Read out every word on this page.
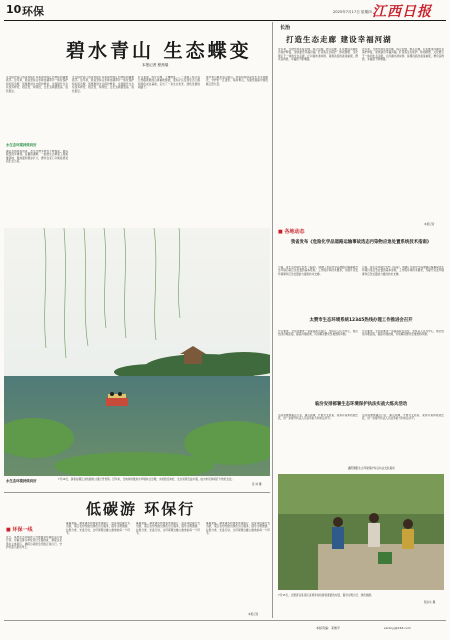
10 环保	2025年7月17日 星期四 江西日报
碧水青山 生态蝶变
本报记者 程茜瑞
生态保护是江西省持续打造美丽中国江西样板的重要抓手。近年来，我省坚持山水林田湖草沙一体化保护和系统治理，统筹推进生态保护修复，全面提升生态系统多样性、稳定性、持续性，让生态颜值更高、成色更足。
水生态环境持续向好
湖区水质明显改善，水生生物多样性不断恢复，候鸟数量逐年增加。在鄱阳湖畔，一批批生态修复工程相继落地，湿地面积稳步扩大，群众在家门口就能感受到生态之美。
生态保护是江西省持续打造美丽中国江西样板的重要抓手。近年来，我省坚持山水林田湖草沙一体化保护和系统治理，统筹推进生态保护修复，全面提升生态系统多样性、稳定性、持续性，让生态颜值更高、成色更足。
矿山复绿、尾矿治理、土壤修复……一项项工程让昔日伤痕累累的山体重披绿装，废弃矿区变身生态公园和特色农业基地，走出了一条生态优先、绿色发展的新路子。
绿水青山就是金山银山。我省将持续深化生态文明建设，守护好一江清水、两岸青山，为建设美丽中国贡献江西力量。
7月16日，游客在赣江边的湿地公园泛舟赏荷。近年来，当地持续推进水环境综合治理，水质稳定向好，生态景观日益丰富，成为市民休闲打卡的好去处。
张 林 摄
水生态环境持续向好
低碳游 环保行
■ 环保一线
近日，某地生态环境部门开展夏季环境执法专项行动，对重点排污单位进行全面排查，督促企业落实主体责任，确保污染防治设施正常运行，守护好蓝天碧水净土。
暑期来临，越来越多的游客选择骑行、徒步等低碳方式出游，景区也纷纷推出绿色出行服务，倡导文明旅游、垃圾分类、光盘行动，让环保理念融入旅途的每一个环节。
暑期来临，越来越多的游客选择骑行、徒步等低碳方式出游，景区也纷纷推出绿色出行服务，倡导文明旅游、垃圾分类、光盘行动，让环保理念融入旅途的每一个环节。
暑期来临，越来越多的游客选择骑行、徒步等低碳方式出游，景区也纷纷推出绿色出行服务，倡导文明旅游、垃圾分类、光盘行动，让环保理念融入旅途的每一个环节。
本报记者
长治
打造生态走廊 建设幸福河湖
近年来，当地坚持系统治理、综合治理、源头治理，扎实推进河湖生态保护修复，加快建设幸福河湖，打造集生态保护、休闲游憩、文化展示于一体的生态走廊，让河湖水清岸绿、鱼翔浅底的美景重现，群众获得感、幸福感不断增强。
近年来，当地坚持系统治理、综合治理、源头治理，扎实推进河湖生态保护修复，加快建设幸福河湖，打造集生态保护、休闲游憩、文化展示于一体的生态走廊，让河湖水清岸绿、鱼翔浅底的美景重现，群众获得感、幸福感不断增强。
本报记者
■ 各地动态
我省发布《危险化学品道路运输事故选态污染物应急处置系统技术指南》
日前，省生态环境厅发布《指南》，明确了危险化学品道路运输事故次生环境污染应急处置的基本原则、工作程序和技术要求，为提升突发环境事件应急处置能力提供技术支撑。
日前，省生态环境厅发布《指南》，明确了危险化学品道路运输事故次生环境污染应急处置的基本原则、工作程序和技术要求，为提升突发环境事件应急处置能力提供技术支撑。
太赞市生态环境系统12345热线办理工作推进会召开
会议要求，全系统要进一步提高政治站位，坚持以人民为中心，规范热线办理流程，提高办理质效，切实解决群众急难愁盼问题。
会议要求，全系统要进一步提高政治站位，坚持以人民为中心，规范热线办理流程，提高办理质效，切实解决群众急难愁盼问题。
临汾安排部署生态环境保护执法实战大练兵活动
活动将聚焦重点行业、重点领域，开展交叉检查、案卷评查和技能比武，进一步提升执法人员业务能力和执法水平。
活动将聚焦重点行业、重点领域，开展交叉检查、案卷评查和技能比武，进一步提升执法人员业务能力和执法水平。
鑫阳摄影生态环境保护综合执法支队提供
7月15日，志愿者在某景区步道旁捡拾游客遗留的垃圾，倡导文明出行、绿色旅游。
程永乐 摄
本版责编：邓维平	sxrbcyj@163.com
